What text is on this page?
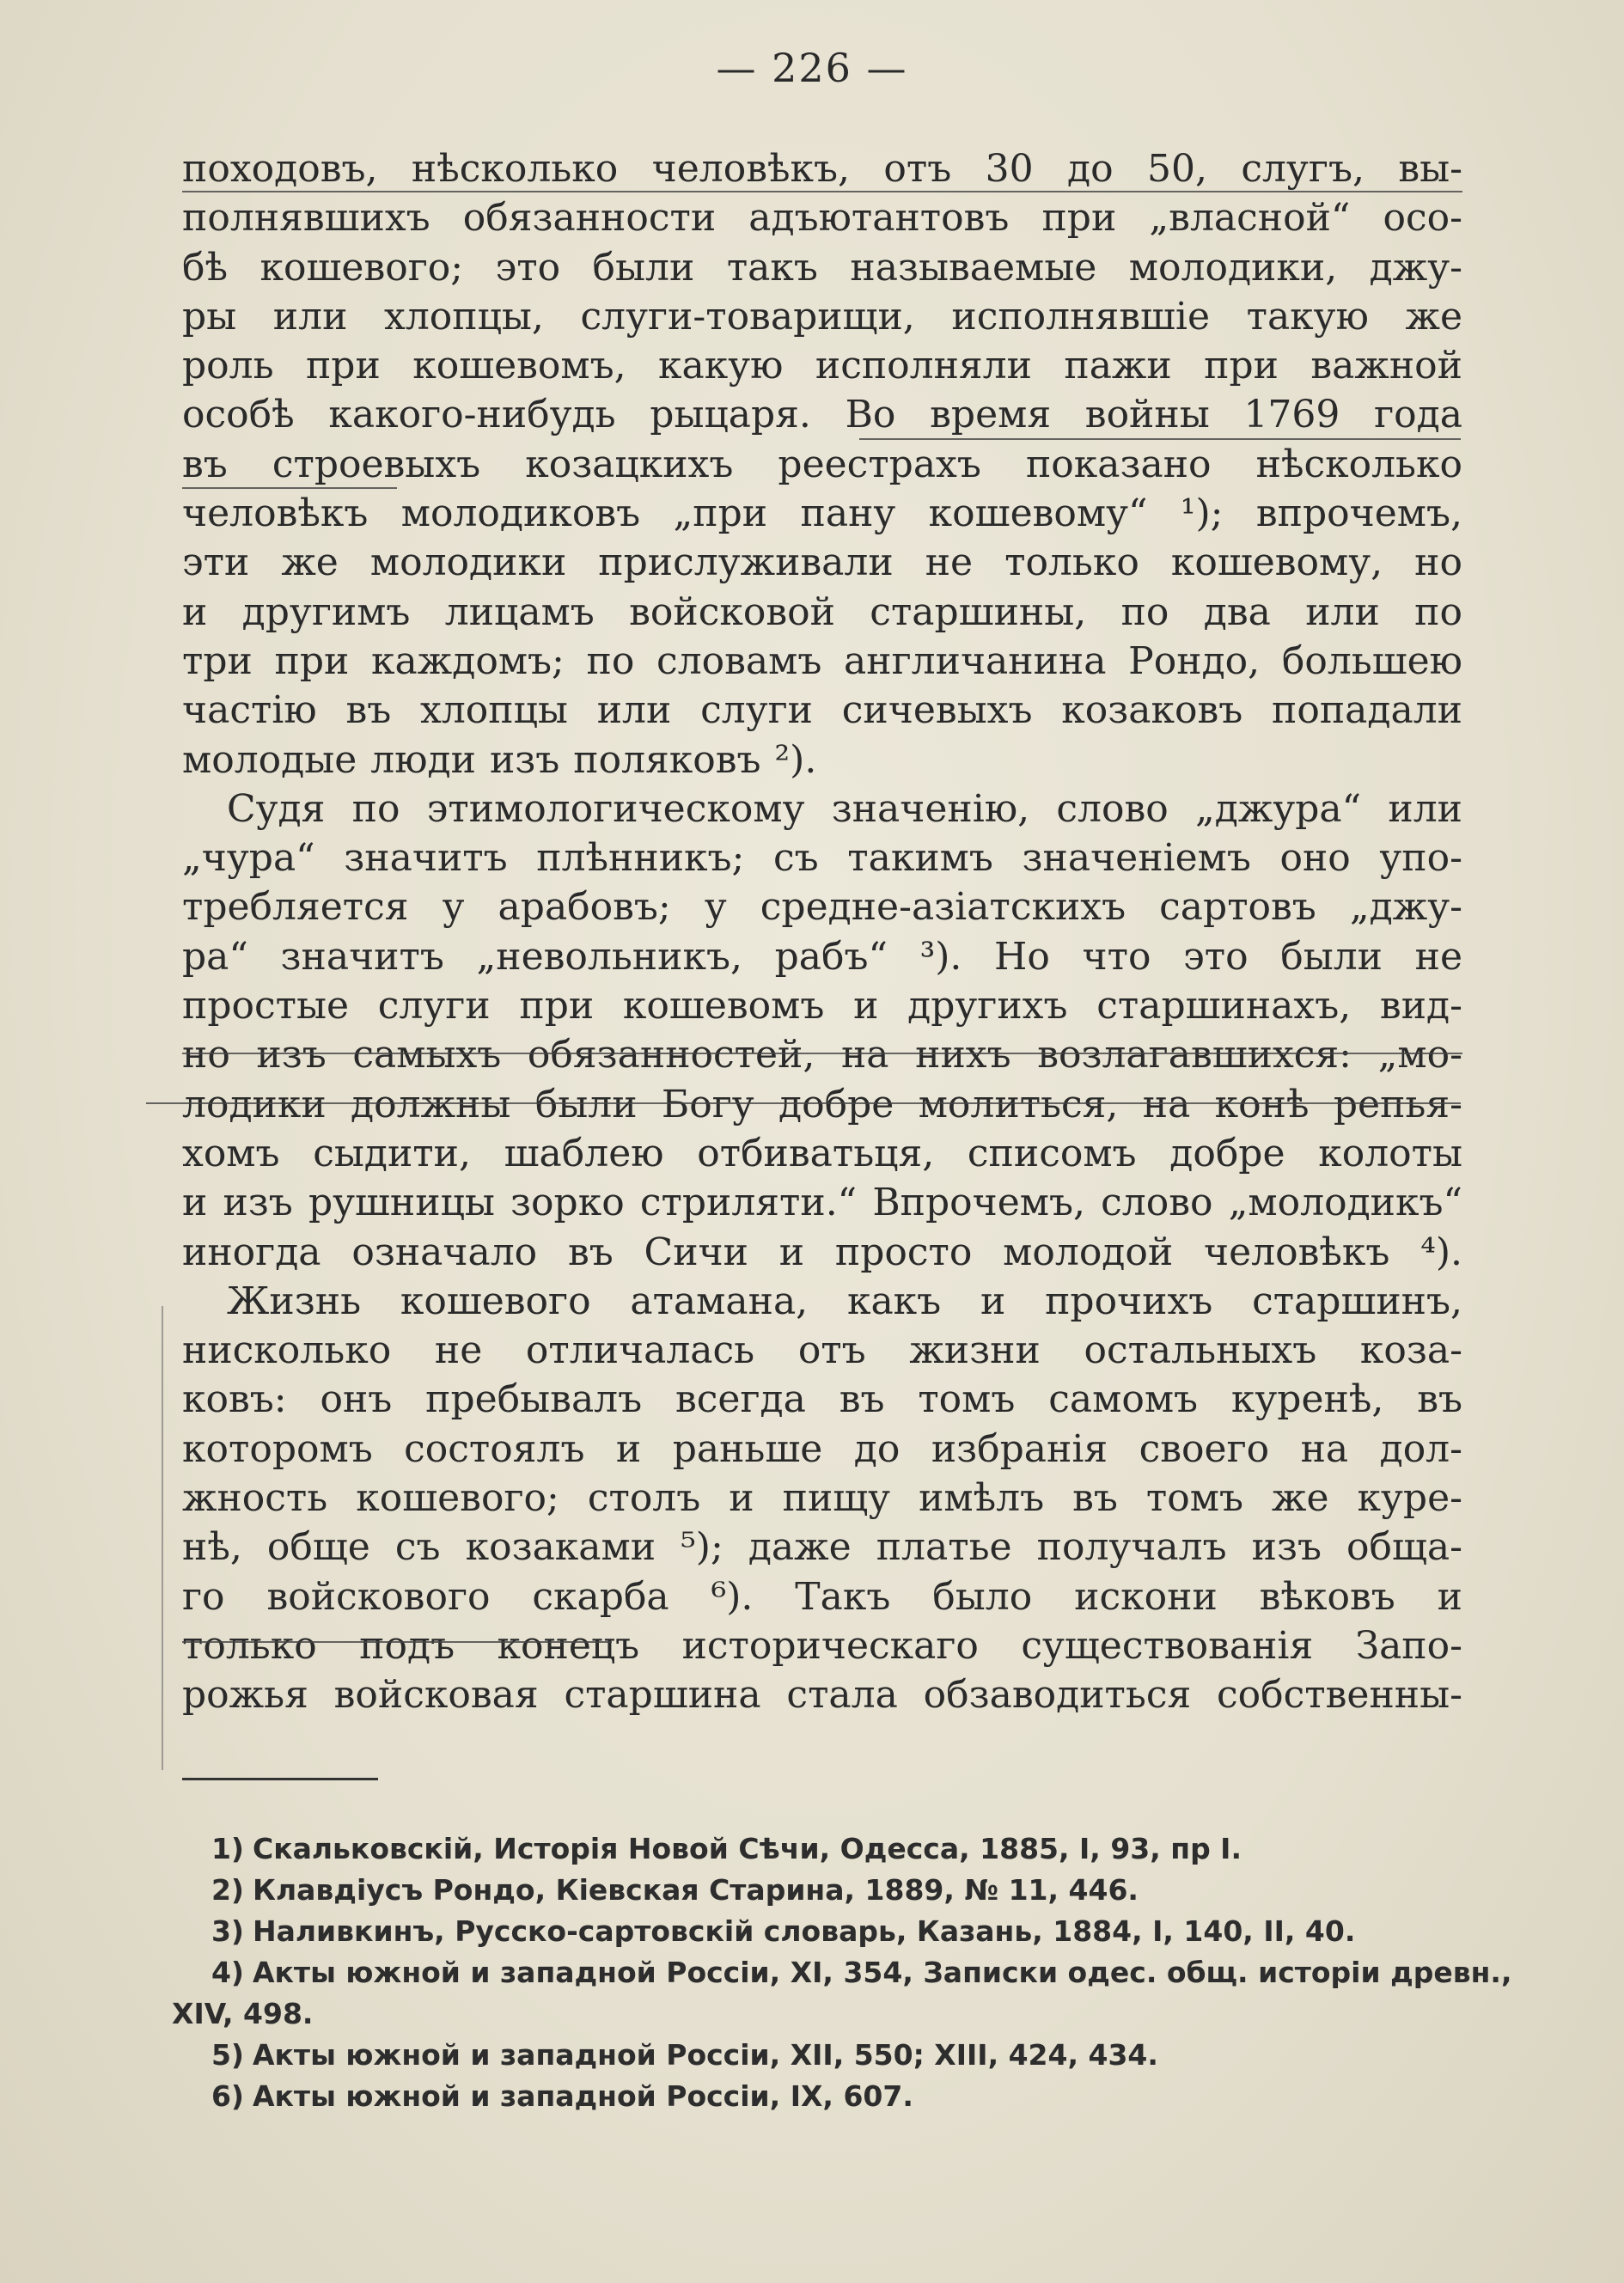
— 226 —
походовъ, нѣсколько человѣкъ, отъ 30 до 50, слугъ, вы-
полнявшихъ обязанности адъютантовъ при „власной“ осо-
бѣ кошевого; это были такъ называемые молодики, джу-
ры или хлопцы, слуги-товарищи, исполнявшіе такую же
роль при кошевомъ, какую исполняли пажи при важной
особѣ какого-нибудь рыцаря. Во время войны 1769 года
въ строевыхъ козацкихъ реестрахъ показано нѣсколько
человѣкъ молодиковъ „при пану кошевому“ ¹); впрочемъ,
эти же молодики прислуживали не только кошевому, но
и другимъ лицамъ войсковой старшины, по два или по
три при каждомъ; по словамъ англичанина Рондо, большею
частію въ хлопцы или слуги сичевыхъ козаковъ попадали
молодые люди изъ поляковъ ²).
Судя по этимологическому значенію, слово „джура“ или
„чура“ значитъ плѣнникъ; съ такимъ значеніемъ оно упо-
требляется у арабовъ; у средне-азіатскихъ сартовъ „джу-
ра“ значитъ „невольникъ, рабъ“ ³). Но что это были не
простые слуги при кошевомъ и другихъ старшинахъ, вид-
но изъ самыхъ обязанностей, на нихъ возлагавшихся: „мо-
лодики должны были Богу добре молиться, на конѣ репья-
хомъ сыдити, шаблею отбиватьця, списомъ добре колоты
и изъ рушницы зорко стриляти.“ Впрочемъ, слово „молодикъ“
иногда означало въ Сичи и просто молодой человѣкъ ⁴).
Жизнь кошевого атамана, какъ и прочихъ старшинъ,
нисколько не отличалась отъ жизни остальныхъ коза-
ковъ: онъ пребывалъ всегда въ томъ самомъ куренѣ, въ
которомъ состоялъ и раньше до избранія своего на дол-
жность кошевого; столъ и пищу имѣлъ въ томъ же куре-
нѣ, обще съ козаками ⁵); даже платье получалъ изъ обща-
го войскового скарба ⁶). Такъ было искони вѣковъ и
только подъ конецъ историческаго существованія Запо-
рожья войсковая старшина стала обзаводиться собственны-
1) Скальковскій, Исторія Новой Сѣчи, Одесса, 1885, I, 93, пр I.
2) Клавдіусъ Рондо, Кіевская Старина, 1889, № 11, 446.
3) Наливкинъ, Русско-сартовскій словарь, Казань, 1884, I, 140, II, 40.
4) Акты южной и западной Россіи, XI, 354, Записки одес. общ. исторіи древн.,
XIV, 498.
5) Акты южной и западной Россіи, XII, 550; XIII, 424, 434.
6) Акты южной и западной Россіи, IX, 607.
